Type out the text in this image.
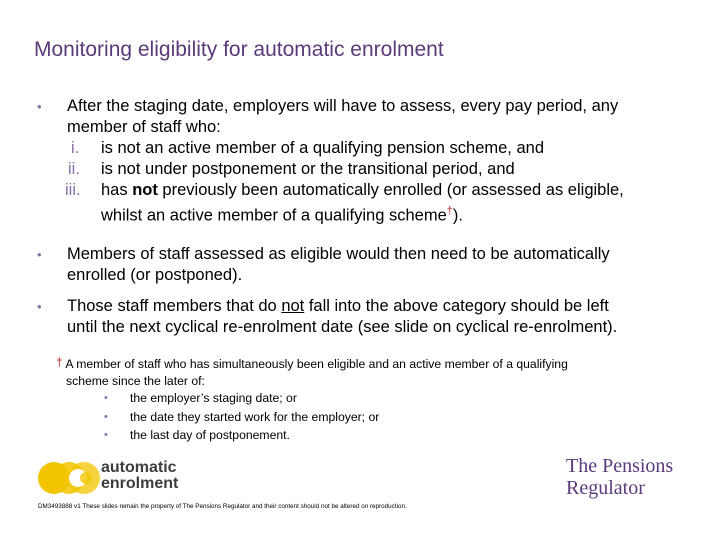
Monitoring eligibility for automatic enrolment
• After the staging date, employers will have to assess, every pay period, any
member of staff who:
i. is not an active member of a qualifying pension scheme, and
ii. is not under postponement or the transitional period, and
iii. has not previously been automatically enrolled (or assessed as eligible,
whilst an active member of a qualifying scheme†).
• Members of staff assessed as eligible would then need to be automatically
enrolled (or postponed).
• Those staff members that do not fall into the above category should be left
until the next cyclical re-enrolment date (see slide on cyclical re-enrolment).
† A member of staff who has simultaneously been eligible and an active member of a qualifying
scheme since the later of:
• the employer’s staging date; or
• the date they started work for the employer; or
• the last day of postponement.
automatic
enrolment
The Pensions
Regulator
DM3493888 v1 These slides remain the property of The Pensions Regulator and their content should not be altered on reproduction.
